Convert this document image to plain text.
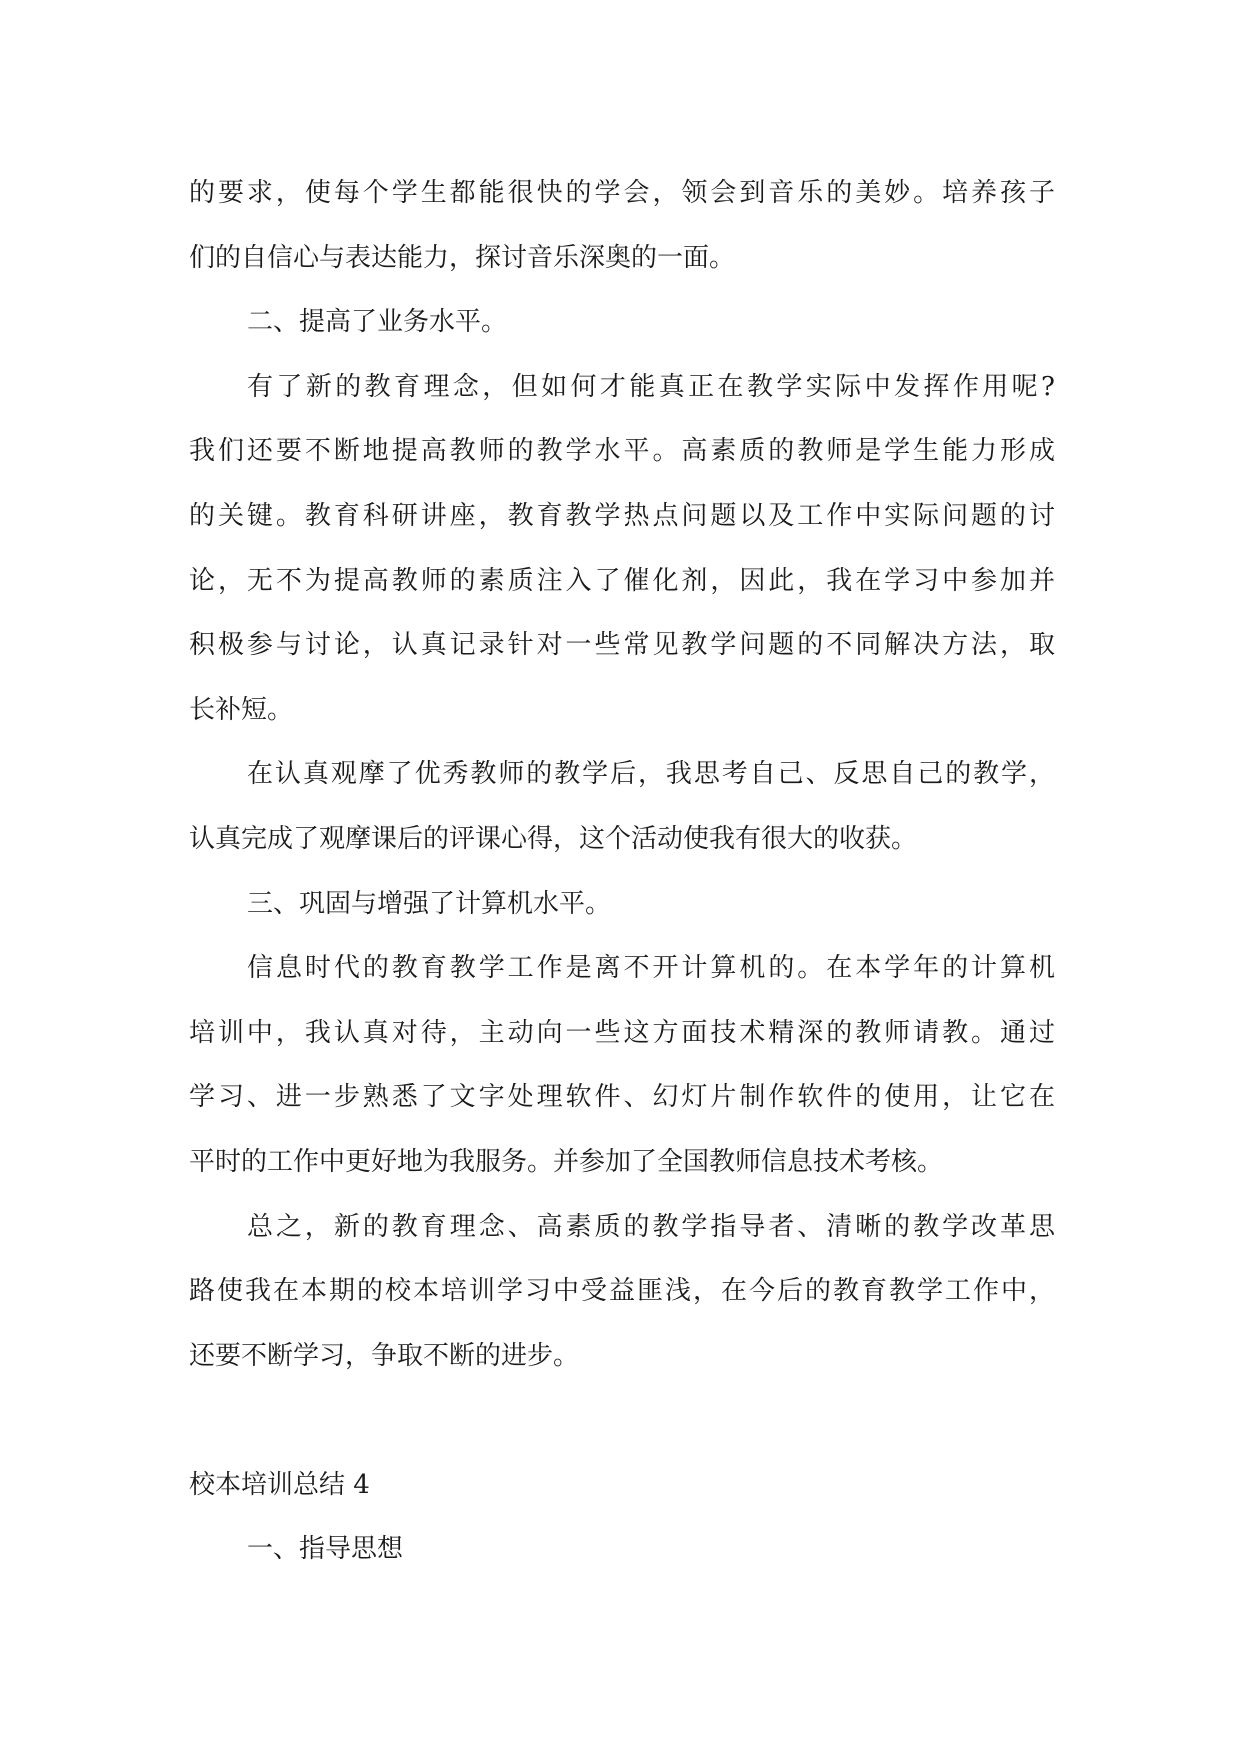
的要求，使每个学生都能很快的学会，领会到音乐的美妙。培养孩子

们的自信心与表达能力，探讨音乐深奥的一面。

二、提高了业务水平。

有了新的教育理念，但如何才能真正在教学实际中发挥作用呢?

我们还要不断地提高教师的教学水平。高素质的教师是学生能力形成

的关键。教育科研讲座，教育教学热点问题以及工作中实际问题的讨

论，无不为提高教师的素质注入了催化剂，因此，我在学习中参加并

积极参与讨论，认真记录针对一些常见教学问题的不同解决方法，取

长补短。

在认真观摩了优秀教师的教学后，我思考自己、反思自己的教学，

认真完成了观摩课后的评课心得，这个活动使我有很大的收获。

三、巩固与增强了计算机水平。

信息时代的教育教学工作是离不开计算机的。在本学年的计算机

培训中，我认真对待，主动向一些这方面技术精深的教师请教。通过

学习、进一步熟悉了文字处理软件、幻灯片制作软件的使用，让它在

平时的工作中更好地为我服务。并参加了全国教师信息技术考核。

总之，新的教育理念、高素质的教学指导者、清晰的教学改革思

路使我在本期的校本培训学习中受益匪浅，在今后的教育教学工作中，

还要不断学习，争取不断的进步。

校本培训总结 4

一、指导思想
